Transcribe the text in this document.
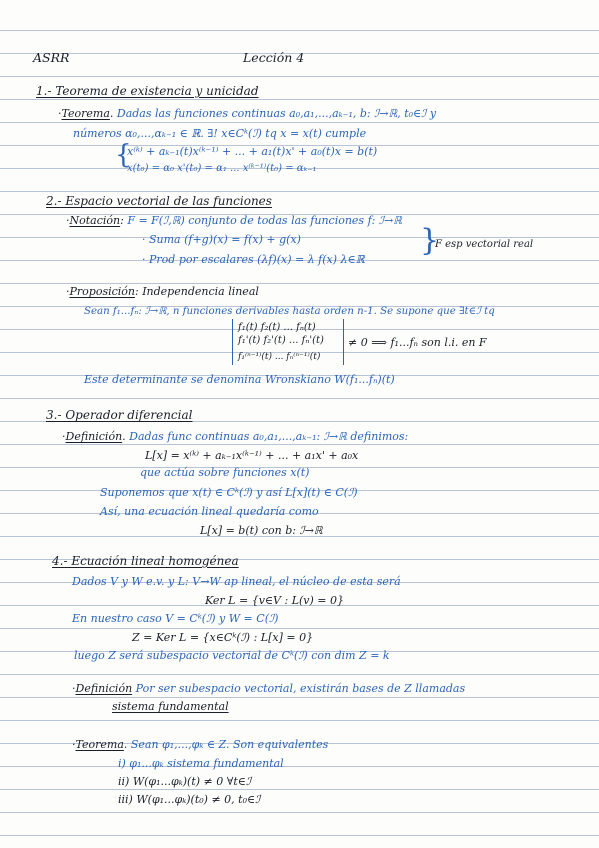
ASRR	Lección 4
1.- Teorema de existencia y unicidad
·Teorema. Dadas las funciones continuas a₀,a₁,...,aₖ₋₁, b: ℐ→ℝ, t₀∈ℐ y
números α₀,...,αₖ₋₁ ∈ ℝ. ∃! x∈Cᵏ(ℐ) tq x = x(t) cumple
{
x⁽ᵏ⁾ + aₖ₋₁(t)x⁽ᵏ⁻¹⁾ + ... + a₁(t)x' + a₀(t)x = b(t)
x(t₀) = α₀ x'(t₀) = α₁ ... x⁽ᵏ⁻¹⁾(t₀) = αₖ₋₁
2.- Espacio vectorial de las funciones
·Notación: F = F(ℐ,ℝ) conjunto de todas las funciones f: ℐ→ℝ
· Suma (f+g)(x) = f(x) + g(x)
· Prod por escalares (λf)(x) = λ f(x) λ∈ℝ
}
F esp vectorial real
·Proposición: Independencia lineal
Sean f₁...fₙ: ℐ→ℝ, n funciones derivables hasta orden n-1. Se supone que ∃t∈ℐ tq
f₁(t) f₂(t) ... fₙ(t)
f₁'(t) f₂'(t) ... fₙ'(t)
f₁⁽ⁿ⁻¹⁾(t) ... fₙ⁽ⁿ⁻¹⁾(t)
≠ 0 ⟹ f₁...fₙ son l.i. en F
Este determinante se denomina Wronskiano W(f₁...fₙ)(t)
3.- Operador diferencial
·Definición. Dadas func continuas a₀,a₁,...,aₖ₋₁: ℐ→ℝ definimos:
L[x] = x⁽ᵏ⁾ + aₖ₋₁x⁽ᵏ⁻¹⁾ + ... + a₁x' + a₀x
que actúa sobre funciones x(t)
Suponemos que x(t) ∈ Cᵏ(ℐ) y así L[x](t) ∈ C(ℐ)
Así, una ecuación lineal quedaría como
L[x] = b(t) con b: ℐ→ℝ
4.- Ecuación lineal homogénea
Dados V y W e.v. y L: V→W ap lineal, el núcleo de esta será
Ker L = {v∈V : L(v) = 0}
En nuestro caso V = Cᵏ(ℐ) y W = C(ℐ)
Z = Ker L = {x∈Cᵏ(ℐ) : L[x] = 0}
luego Z será subespacio vectorial de Cᵏ(ℐ) con dim Z = k
·Definición Por ser subespacio vectorial, existirán bases de Z llamadas
sistema fundamental
·Teorema. Sean φ₁,...,φₖ ∈ Z. Son equivalentes
i) φ₁...φₖ sistema fundamental
ii) W(φ₁...φₖ)(t) ≠ 0 ∀t∈ℐ
iii) W(φ₁...φₖ)(t₀) ≠ 0, t₀∈ℐ
